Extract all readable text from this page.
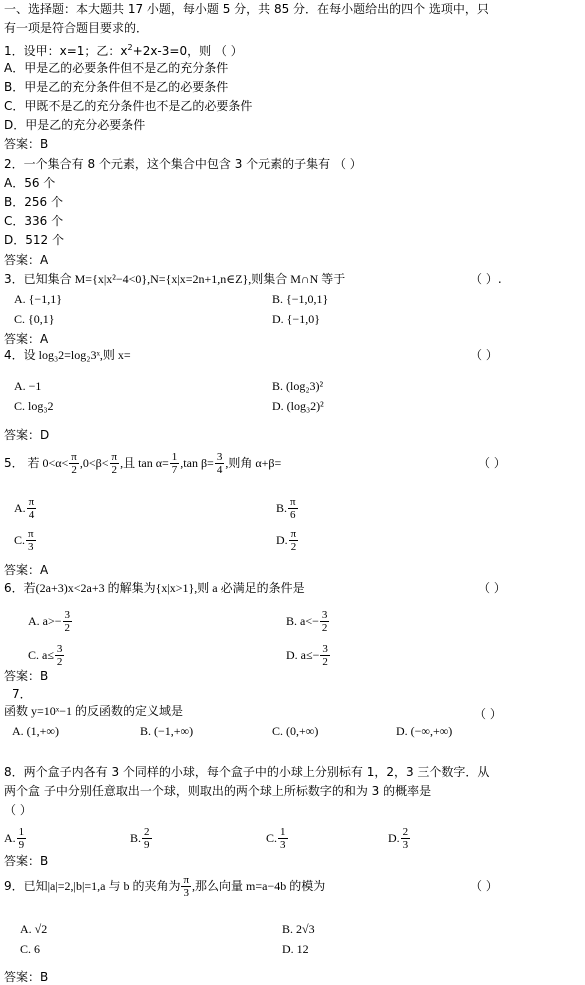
一、选择题：本大题共 17 小题，每小题 5 分，共 85 分．在每小题给出的四个 选项中，只
有一项是符合题目要求的．
1．设甲：x=1；乙：$x^2+2x-3=0$，则 （ ）
A．甲是乙的必要条件但不是乙的充分条件
B．甲是乙的充分条件但不是乙的必要条件
C．甲既不是乙的充分条件也不是乙的必要条件
D．甲是乙的充分必要条件
答案：B
2．一个集合有 8 个元素，这个集合中包含 3 个元素的子集有 （ ）
A．56 个
B．256 个
C．336 个
D．512 个
答案：A
3．已知集合 M={x|x²−4<0},N={x|x=2n+1,n∈Z},则集合 M∩N 等于	（ ）.
A. {−1,1}	B. {−1,0,1}
C. {0,1}	D. {−1,0}
答案：A
4．设 log₃2=log₂3ˣ,则 x=	（ ）
A. −1	B. (log₂3)²
C. log₃2	D. (log₃2)²
答案：D
5． 若 $0<\alpha< \frac{\pi}{2} ,0<\beta< \frac{\pi}{2}$ ,且 $\tan \alpha= \frac{1}{7} ,\tan$ $\beta= \frac{3}{4}$ ,则角 α+β=	（ ）
A. $\frac{\pi}{4}$	B. $\frac{\pi}{6}$
C. $\frac{\pi}{3}$	D. $\frac{\pi}{2}$
答案：A
6．若(2a+3)x<2a+3 的解集为{x|x>1},则 a 必满足的条件是	（ ）
A. $a>- \frac{3}{2}$	B. $a<- \frac{3}{2}$
C. $a\le \frac{3}{2}$	D. $a\le- \frac{3}{2}$
答案：B
7．
函数 y=10ˣ−1 的反函数的定义域是	（ ）
A. (1,+∞)	B. (−1,+∞)	C. (0,+∞)	D. (−∞,+∞)
8．两个盒子内各有 3 个同样的小球，每个盒子中的小球上分别标有 1，2，3 三个数字．从
两个盒 子中分别任意取出一个球，则取出的两个球上所标数字的和为 3 的概率是
（ ）
A. $\frac{1}{9}$	B. $\frac{2}{9}$	C. $\frac{1}{3}$	D. $\frac{2}{3}$
答案：B
9．已知|a|=2,|b|=1,a 与 b 的夹角为 $\frac{\pi}{3}$ ,那么向量 m=a−4b 的模为	（ ）
A. √2	B. 2√3
C. 6	D. 12
答案：B
